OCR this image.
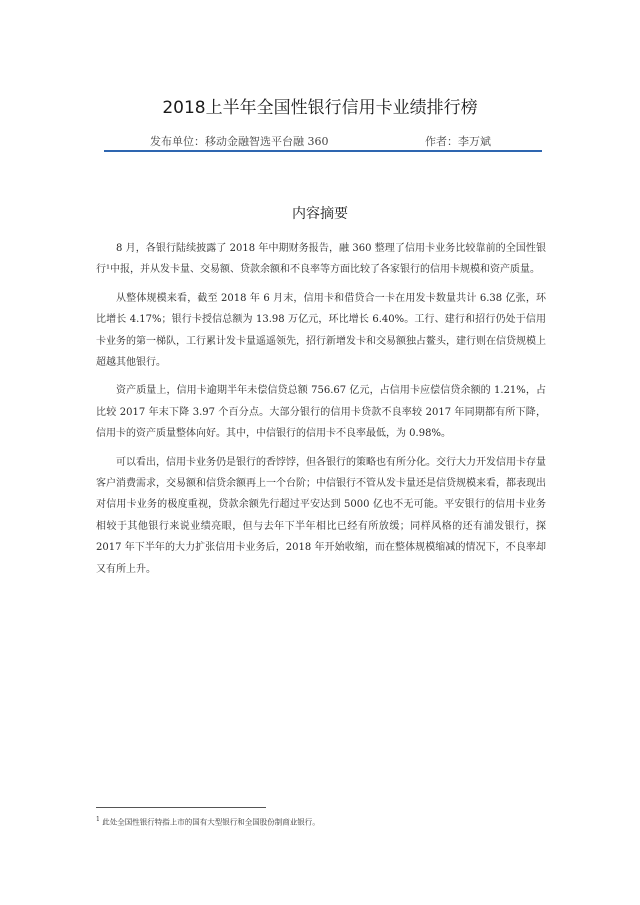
2018上半年全国性银行信用卡业绩排行榜
发布单位：移动金融智选平台融 360	作者：李万斌
内容摘要

8 月，各银行陆续披露了 2018 年中期财务报告，融 360 整理了信用卡业务比较靠前的全国性银行¹中报，并从发卡量、交易额、贷款余额和不良率等方面比较了各家银行的信用卡规模和资产质量。

从整体规模来看，截至 2018 年 6 月末，信用卡和借贷合一卡在用发卡数量共计 6.38 亿张，环比增长 4.17%；银行卡授信总额为 13.98 万亿元，环比增长 6.40%。工行、建行和招行仍处于信用卡业务的第一梯队，工行累计发卡量遥遥领先，招行新增发卡和交易额独占鳌头，建行则在信贷规模上超越其他银行。

资产质量上，信用卡逾期半年未偿信贷总额 756.67 亿元，占信用卡应偿信贷余额的 1.21%，占比较 2017 年末下降 3.97 个百分点。大部分银行的信用卡贷款不良率较 2017 年同期都有所下降，信用卡的资产质量整体向好。其中，中信银行的信用卡不良率最低，为 0.98%。

可以看出，信用卡业务仍是银行的香饽饽，但各银行的策略也有所分化。交行大力开发信用卡存量客户消费需求，交易额和信贷余额再上一个台阶；中信银行不管从发卡量还是信贷规模来看，都表现出对信用卡业务的极度重视，贷款余额先行超过平安达到 5000 亿也不无可能。平安银行的信用卡业务相较于其他银行来说业绩亮眼，但与去年下半年相比已经有所放缓；同样风格的还有浦发银行，探 2017 年下半年的大力扩张信用卡业务后，2018 年开始收缩，而在整体规模缩减的情况下，不良率却又有所上升。

$^1$ 此处全国性银行特指上市的国有大型银行和全国股份制商业银行。
